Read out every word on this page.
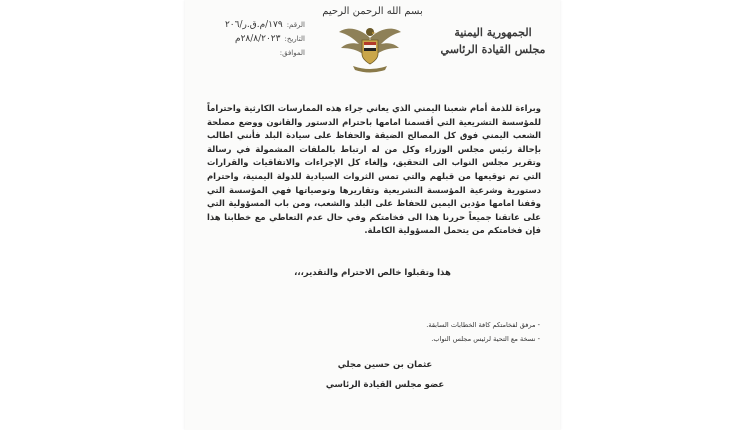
بسم الله الرحمن الرحيم
الجمهورية اليمنية
مجلس القيادة الرئاسي
الرقم:
١٧٩/م.ق.ر/٢٠٦
التاريخ:
٢٨/٨/٢٠٢٣م
الموافق:
وبراءة للذمة أمام شعبنا اليمني الذي يعاني جراء هذه الممارسات الكارثية واحتراماً للمؤسسة التشريعية التي أقسمنا امامها باحترام الدستور والقانون ووضع مصلحة الشعب اليمني فوق كل المصالح الضيقة والحفاظ على سيادة البلد فأنني اطالب بإحالة رئيس مجلس الوزراء وكل من له ارتباط بالملفات المشمولة في رسالة وتقرير مجلس النواب الى التحقيق، وإلغاء كل الإجراءات والاتفاقيات والقرارات التي تم توقيعها من قبلهم والتي تمس الثروات السيادية للدولة اليمنية، واحترام دستورية وشرعية المؤسسة التشريعية وتقاريرها وتوصياتها فهي المؤسسة التي وقفنا امامها مؤدين اليمين للحفاظ على البلد والشعب، ومن باب المسؤولية التي على عاتقنا جميعاً حررنا هذا الى فخامتكم وفي حال عدم التعاطي مع خطابنا هذا فإن فخامتكم من يتحمل المسؤولية الكاملة.
هذا وتقبلوا خالص الاحترام والتقدير،،،
- مرفق لفخامتكم كافة الخطابات السابقة.
- نسخة مع التحية لرئيس مجلس النواب.
عثمان بن حسين مجلي
عضو مجلس القيادة الرئاسي
